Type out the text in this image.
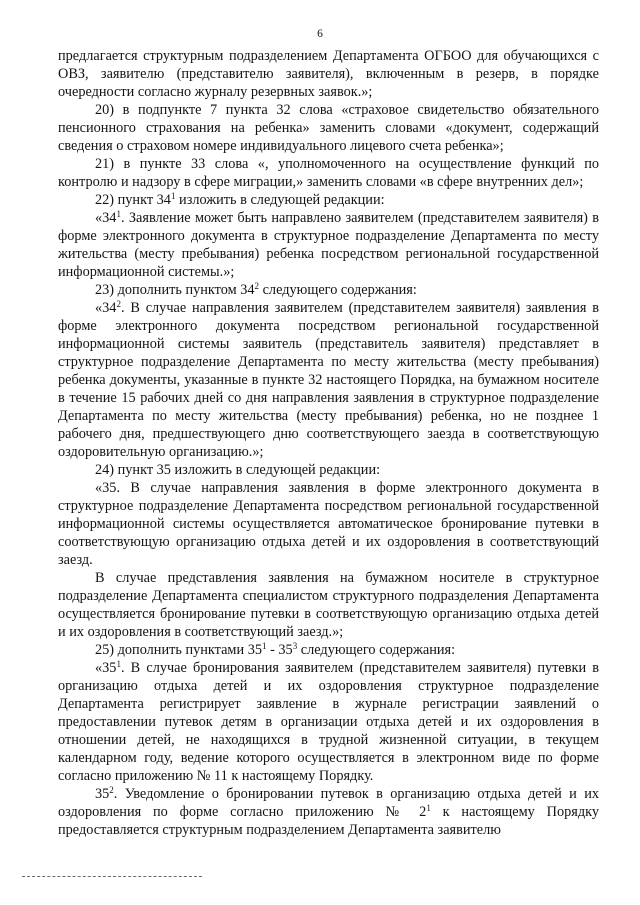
6

предлагается структурным подразделением Департамента ОГБОО для обучающихся с ОВЗ, заявителю (представителю заявителя), включенным в резерв, в порядке очередности согласно журналу резервных заявок.»;

20) в подпункте 7 пункта 32 слова «страховое свидетельство обязательного пенсионного страхования на ребенка» заменить словами «документ, содержащий сведения о страховом номере индивидуального лицевого счета ребенка»;

21) в пункте 33 слова «, уполномоченного на осуществление функций по контролю и надзору в сфере миграции,» заменить словами «в сфере внутренних дел»;

22) пункт $34^1$ изложить в следующей редакции:

«$34^1$. Заявление может быть направлено заявителем (представителем заявителя) в форме электронного документа в структурное подразделение Департамента по месту жительства (месту пребывания) ребенка посредством региональной государственной информационной системы.»;

23) дополнить пунктом $34^2$ следующего содержания:

«$34^2$. В случае направления заявителем (представителем заявителя) заявления в форме электронного документа посредством региональной государственной информационной системы заявитель (представитель заявителя) представляет в структурное подразделение Департамента по месту жительства (месту пребывания) ребенка документы, указанные в пункте 32 настоящего Порядка, на бумажном носителе в течение 15 рабочих дней со дня направления заявления в структурное подразделение Департамента по месту жительства (месту пребывания) ребенка, но не позднее 1 рабочего дня, предшествующего дню соответствующего заезда в соответствующую оздоровительную организацию.»;

24) пункт 35 изложить в следующей редакции:

«35. В случае направления заявления в форме электронного документа в структурное подразделение Департамента посредством региональной государственной информационной системы осуществляется автоматическое бронирование путевки в соответствующую организацию отдыха детей и их оздоровления в соответствующий заезд.

В случае представления заявления на бумажном носителе в структурное подразделение Департамента специалистом структурного подразделения Департамента осуществляется бронирование путевки в соответствующую организацию отдыха детей и их оздоровления в соответствующий заезд.»;

25) дополнить пунктами $35^1 - 35^3$ следующего содержания:

«$35^1$. В случае бронирования заявителем (представителем заявителя) путевки в организацию отдыха детей и их оздоровления структурное подразделение Департамента регистрирует заявление в журнале регистрации заявлений о предоставлении путевок детям в организации отдыха детей и их оздоровления в отношении детей, не находящихся в трудной жизненной ситуации, в текущем календарном году, ведение которого осуществляется в электронном виде по форме согласно приложению № 11 к настоящему Порядку.

$35^2$. Уведомление о бронировании путевок в организацию отдыха детей и их оздоровления по форме согласно приложению № $2^1$ к настоящему Порядку предоставляется структурным подразделением Департамента заявителю
